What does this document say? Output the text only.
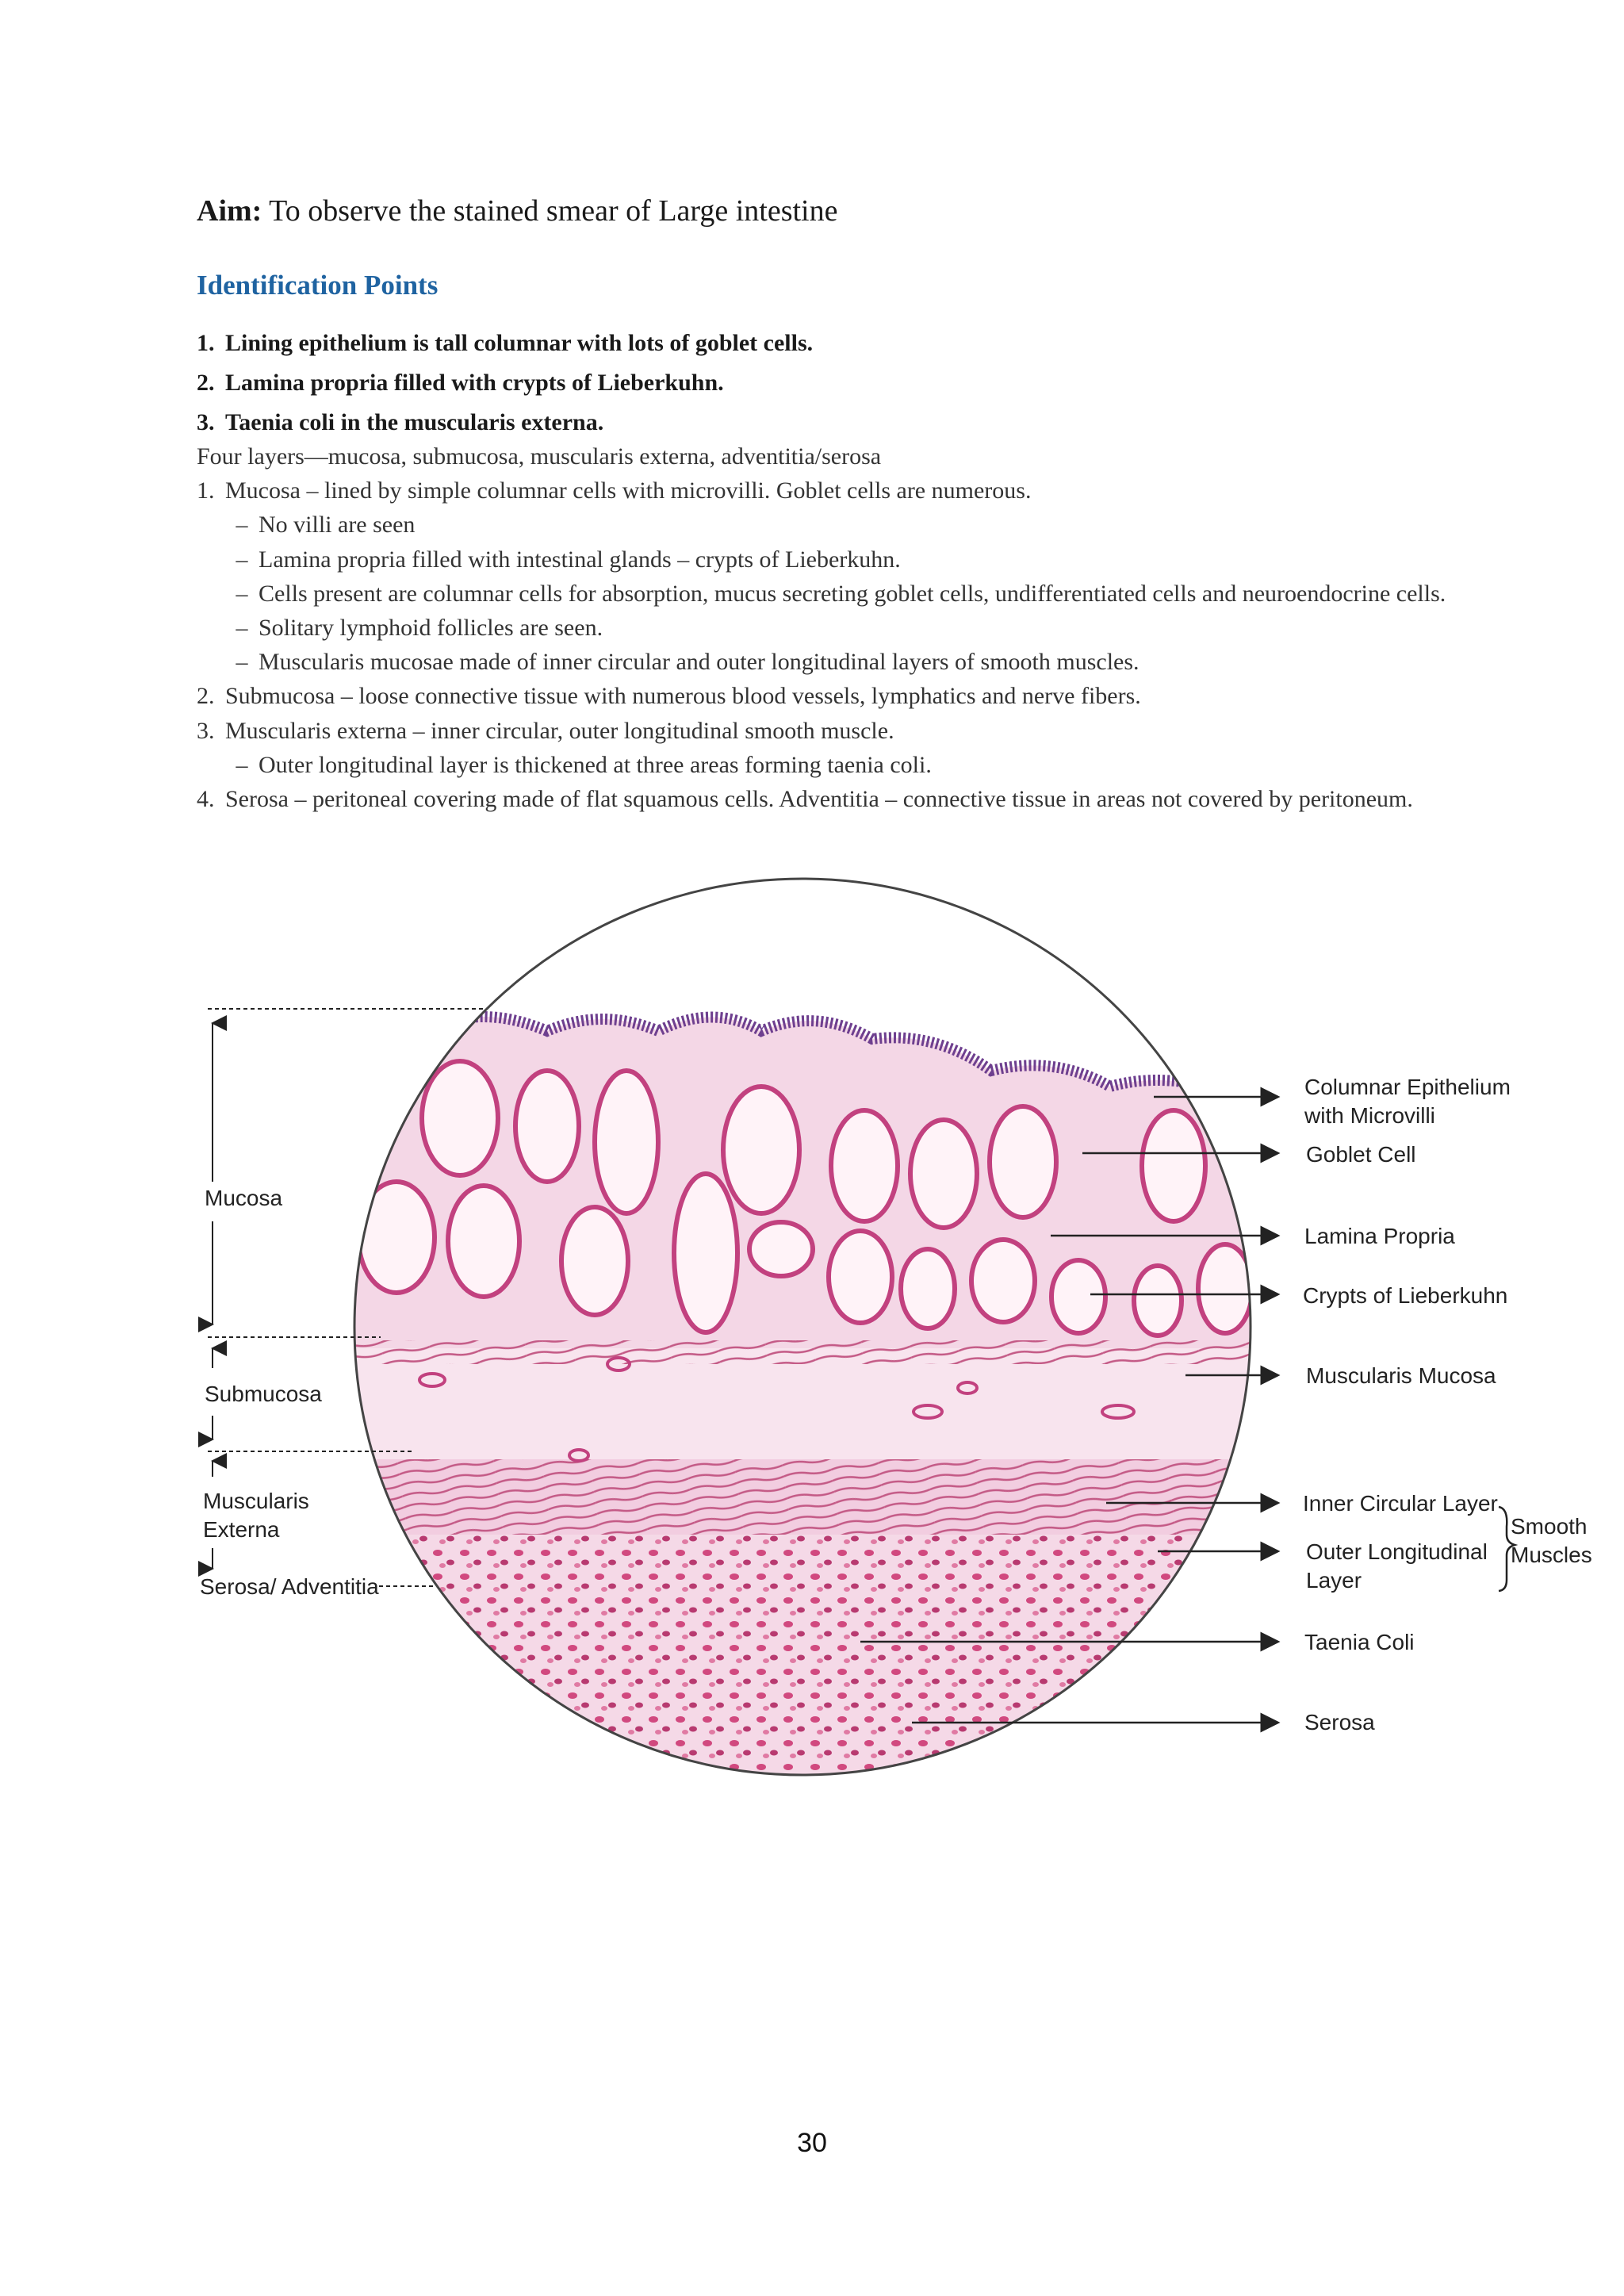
Aim: To observe the stained smear of Large intestine
Identification Points
1. Lining epithelium is tall columnar with lots of goblet cells.
2. Lamina propria filled with crypts of Lieberkuhn.
3. Taenia coli in the muscularis externa.
Four layers—mucosa, submucosa, muscularis externa, adventitia/serosa
1. Mucosa – lined by simple columnar cells with microvilli. Goblet cells are numerous.
– No villi are seen
– Lamina propria filled with intestinal glands – crypts of Lieberkuhn.
– Cells present are columnar cells for absorption, mucus secreting goblet cells, undifferentiated cells and neuroendocrine cells.
– Solitary lymphoid follicles are seen.
– Muscularis mucosae made of inner circular and outer longitudinal layers of smooth muscles.
2. Submucosa – loose connective tissue with numerous blood vessels, lymphatics and nerve fibers.
3. Muscularis externa – inner circular, outer longitudinal smooth muscle.
– Outer longitudinal layer is thickened at three areas forming taenia coli.
4. Serosa – peritoneal covering made of flat squamous cells. Adventitia – connective tissue in areas not covered by peritoneum.
Mucosa
Submucosa
Muscularis
Externa
Serosa/ Adventitia
Columnar Epithelium
with Microvilli
Goblet Cell
Lamina Propria
Crypts of Lieberkuhn
Muscularis Mucosa
Inner Circular Layer
Outer Longitudinal
Layer
Smooth
Muscles
Taenia Coli
Serosa
30
